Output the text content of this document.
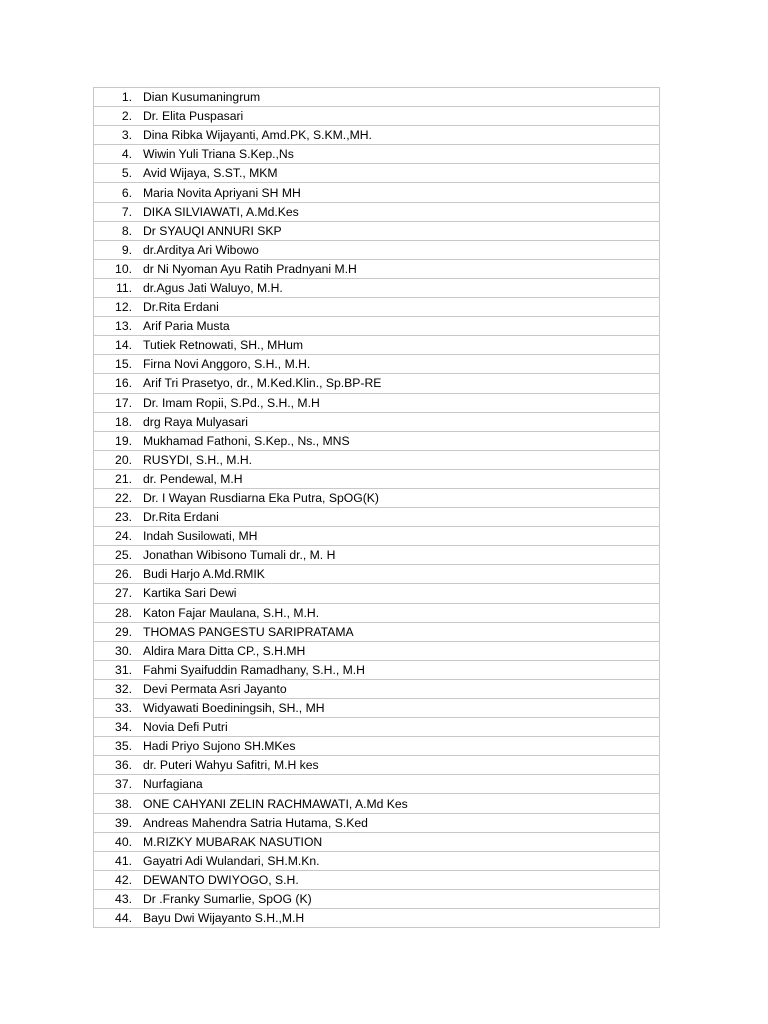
1.	Dian Kusumaningrum
2.	Dr. Elita Puspasari
3.	Dina Ribka Wijayanti, Amd.PK, S.KM.,MH.
4.	Wiwin Yuli Triana S.Kep.,Ns
5.	Avid Wijaya, S.ST., MKM
6.	Maria Novita Apriyani SH MH
7.	DIKA SILVIAWATI, A.Md.Kes
8.	Dr SYAUQI ANNURI SKP
9.	dr.Arditya Ari Wibowo
10.	dr Ni Nyoman Ayu Ratih Pradnyani M.H
11.	dr.Agus Jati Waluyo, M.H.
12.	Dr.Rita Erdani
13.	Arif Paria Musta
14.	Tutiek Retnowati, SH., MHum
15.	Firna Novi Anggoro, S.H., M.H.
16.	Arif Tri Prasetyo, dr., M.Ked.Klin., Sp.BP-RE
17.	Dr. Imam Ropii, S.Pd., S.H., M.H
18.	drg Raya Mulyasari
19.	Mukhamad Fathoni, S.Kep., Ns., MNS
20.	RUSYDI, S.H., M.H.
21.	dr. Pendewal, M.H
22.	Dr. I Wayan Rusdiarna Eka Putra, SpOG(K)
23.	Dr.Rita Erdani
24.	Indah Susilowati, MH
25.	Jonathan Wibisono Tumali dr., M. H
26.	Budi Harjo A.Md.RMIK
27.	Kartika Sari Dewi
28.	Katon Fajar Maulana, S.H., M.H.
29.	THOMAS PANGESTU SARIPRATAMA
30.	Aldira Mara Ditta CP., S.H.MH
31.	Fahmi Syaifuddin Ramadhany, S.H., M.H
32.	Devi Permata Asri Jayanto
33.	Widyawati Boediningsih, SH., MH
34.	Novia Defi Putri
35.	Hadi Priyo Sujono SH.MKes
36.	dr. Puteri Wahyu Safitri, M.H kes
37.	Nurfagiana
38.	ONE CAHYANI ZELIN RACHMAWATI, A.Md Kes
39.	Andreas Mahendra Satria Hutama, S.Ked
40.	M.RIZKY MUBARAK NASUTION
41.	Gayatri Adi Wulandari, SH.M.Kn.
42.	DEWANTO DWIYOGO, S.H.
43.	Dr .Franky Sumarlie, SpOG (K)
44.	Bayu Dwi Wijayanto S.H.,M.H
